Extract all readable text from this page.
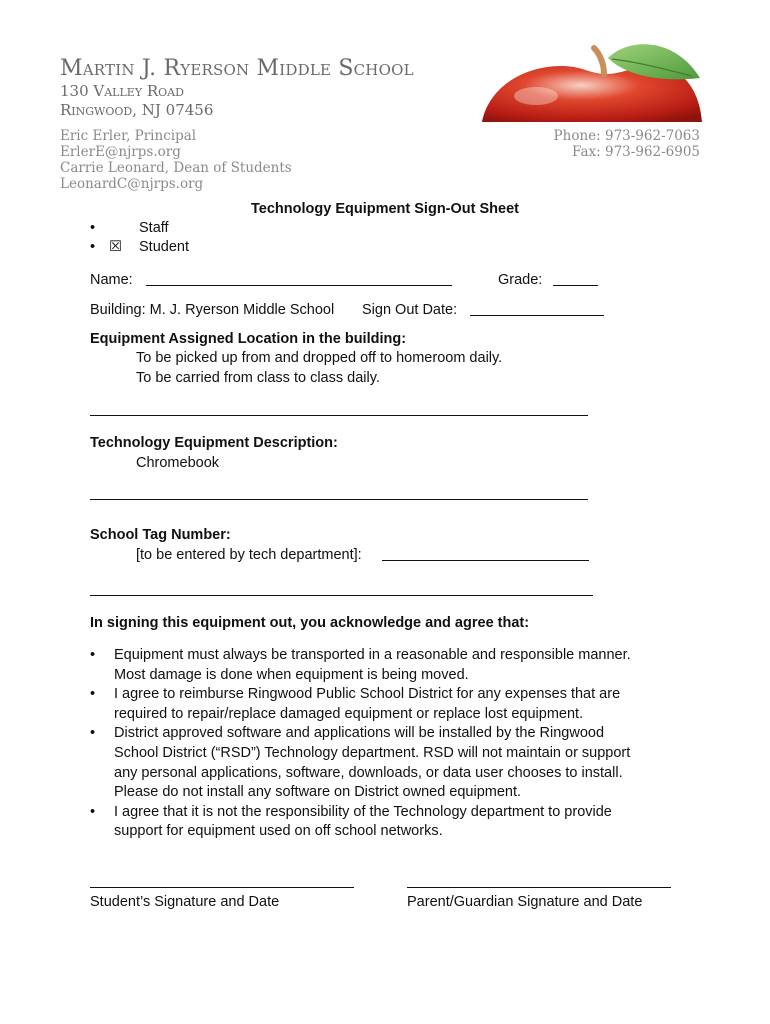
Martin J. Ryerson Middle School
130 Valley Road
Ringwood, NJ 07456
Eric Erler, Principal
ErlerE@njrps.org
Carrie Leonard, Dean of Students
LeonardC@njrps.org
Phone: 973-962-7063
Fax: 973-962-6905
Technology Equipment Sign-Out Sheet
•	Staff
• ☒ Student
Name:	Grade:
Building: M. J. Ryerson Middle School Sign Out Date:
Equipment Assigned Location in the building:
To be picked up from and dropped off to homeroom daily.
To be carried from class to class daily.
Technology Equipment Description:
Chromebook
School Tag Number:
[to be entered by tech department]:
In signing this equipment out, you acknowledge and agree that:
• Equipment must always be transported in a reasonable and responsible manner.
Most damage is done when equipment is being moved.
• I agree to reimburse Ringwood Public School District for any expenses that are
required to repair/replace damaged equipment or replace lost equipment.
• District approved software and applications will be installed by the Ringwood
School District (“RSD”) Technology department. RSD will not maintain or support
any personal applications, software, downloads, or data user chooses to install.
Please do not install any software on District owned equipment.
• I agree that it is not the responsibility of the Technology department to provide
support for equipment used on off school networks.
Student’s Signature and Date	Parent/Guardian Signature and Date
